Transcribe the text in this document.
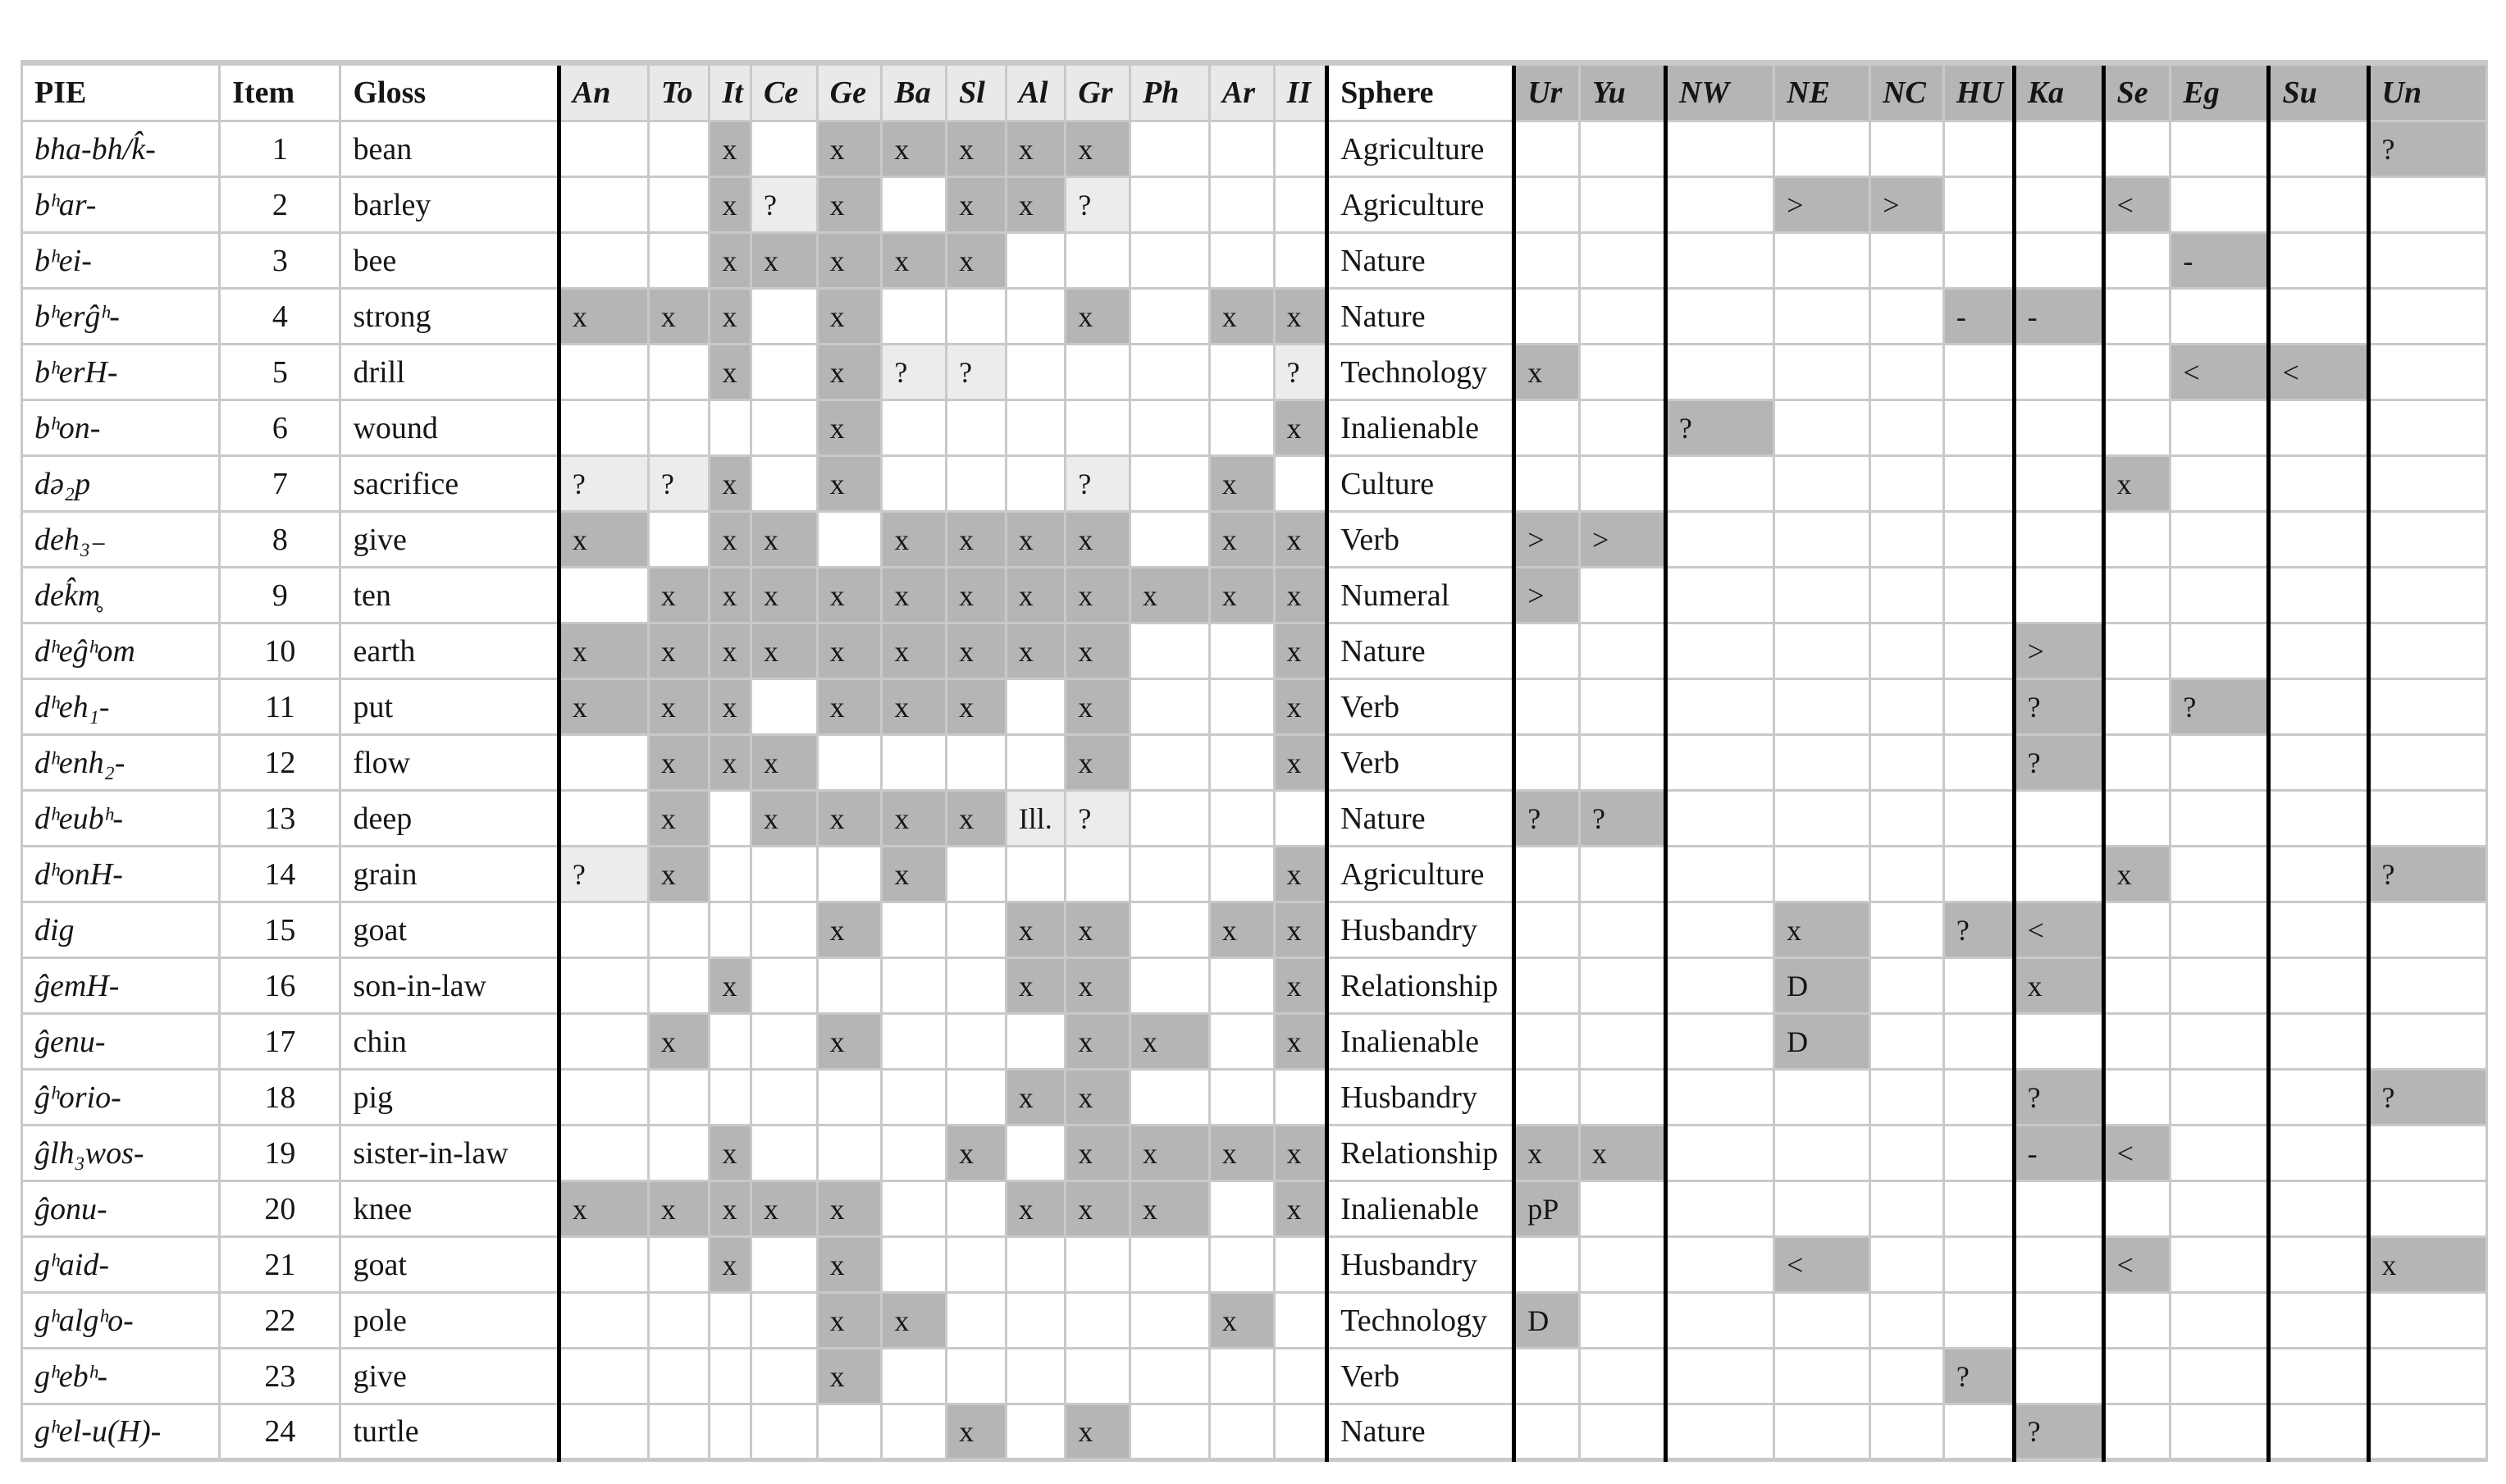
PIE	Item	Gloss	An	To	It	Ce	Ge	Ba	Sl	Al	Gr	Ph	Ar	II	Sphere	Ur	Yu	NW	NE	NC	HU	Ka	Se	Eg	Su	Un
bha-bh/k̂-	1	bean			x		x	x	x	x	x				Agriculture											?
bʰar-	2	barley			x	?	x		x	x	?				Agriculture				>	>			<			
bʰei-	3	bee			x	x	x	x	x						Nature									-		
bʰerĝʰ-	4	strong	x	x	x		x				x		x	x	Nature						-	-				
bʰerH-	5	drill			x		x	?	?					?	Technology	x								<	<	
bʰon-	6	wound					x							x	Inalienable			?								
də₂p	7	sacrifice	?	?	x		x				?		x		Culture								x			
deh₃₋	8	give	x		x	x		x	x	x	x		x	x	Verb	>	>									
dek̂m̥	9	ten		x	x	x	x	x	x	x	x	x	x	x	Numeral	>										
dʰeĝʰom	10	earth	x	x	x	x	x	x	x	x	x			x	Nature							>				
dʰeh₁-	11	put	x	x	x		x	x	x		x			x	Verb							?		?		
dʰenh₂-	12	flow		x	x	x					x			x	Verb							?				
dʰeubʰ-	13	deep		x		x	x	x	x	Ill.	?				Nature	?	?									
dʰonH-	14	grain	?	x				x						x	Agriculture								x			?
dig	15	goat					x			x	x		x	x	Husbandry				x		?	<				
ĝemH-	16	son-in-law			x					x	x			x	Relationship				D			x				
ĝenu-	17	chin		x			x				x	x		x	Inalienable				D							
ĝʰorio-	18	pig								x	x				Husbandry							?				?
ĝlh₃wos-	19	sister-in-law			x				x		x	x	x	x	Relationship	x	x					-	<			
ĝonu-	20	knee	x	x	x	x	x			x	x	x		x	Inalienable	pP										
gʰaid-	21	goat			x		x								Husbandry				<				<			x
gʰalgʰo-	22	pole					x	x					x		Technology	D										
gʰebʰ-	23	give					x								Verb						?					
gʰel-u(H)-	24	turtle							x		x				Nature							?				
